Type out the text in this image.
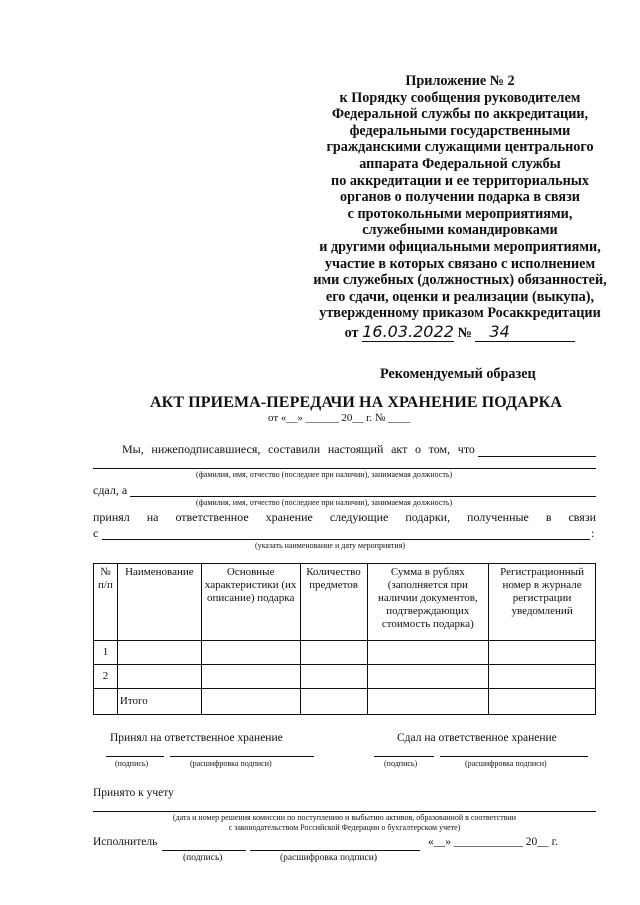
Приложение № 2
к Порядку сообщения руководителем
Федеральной службы по аккредитации,
федеральными государственными
гражданскими служащими центрального
аппарата Федеральной службы
по аккредитации и ее территориальных
органов о получении подарка в связи
с протокольными мероприятиями,
служебными командировками
и другими официальными мероприятиями,
участие в которых связано с исполнением
ими служебных (должностных) обязанностей,
его сдачи, оценки и реализации (выкупа),
утвержденному приказом Росаккредитации
от 16.03.2022 № 34
Рекомендуемый образец
АКТ ПРИЕМА-ПЕРЕДАЧИ НА ХРАНЕНИЕ ПОДАРКА
от «__» ______ 20__ г. № ____
Мы, нижеподписавшиеся, составили настоящий акт о том, что
(фамилия, имя, отчество (последнее при наличии), занимаемая должность)
сдал, а
(фамилия, имя, отчество (последнее при наличии), занимаемая должность)
принял на ответственное хранение следующие подарки, полученные в связи
с	:
(указать наименование и дату мероприятия)
№
п/п	Наименование	Основные характеристики (их описание) подарка	Количество предметов	Сумма в рублях (заполняется при наличии документов, подтверждающих стоимость подарка)	Регистрационный номер в журнале регистрации уведомлений
1					
2					
	Итого				
Принял на ответственное хранение	Сдал на ответственное хранение
(подпись)	(расшифровка подписи)	(подпись)	(расшифровка подписи)
Принято к учету
(дата и номер решения комиссии по поступлению и выбытию активов, образованной в соответствии
с законодательством Российской Федерации о бухгалтерском учете)
Исполнитель	«__» ____________ 20__ г.
(подпись)	(расшифровка подписи)
